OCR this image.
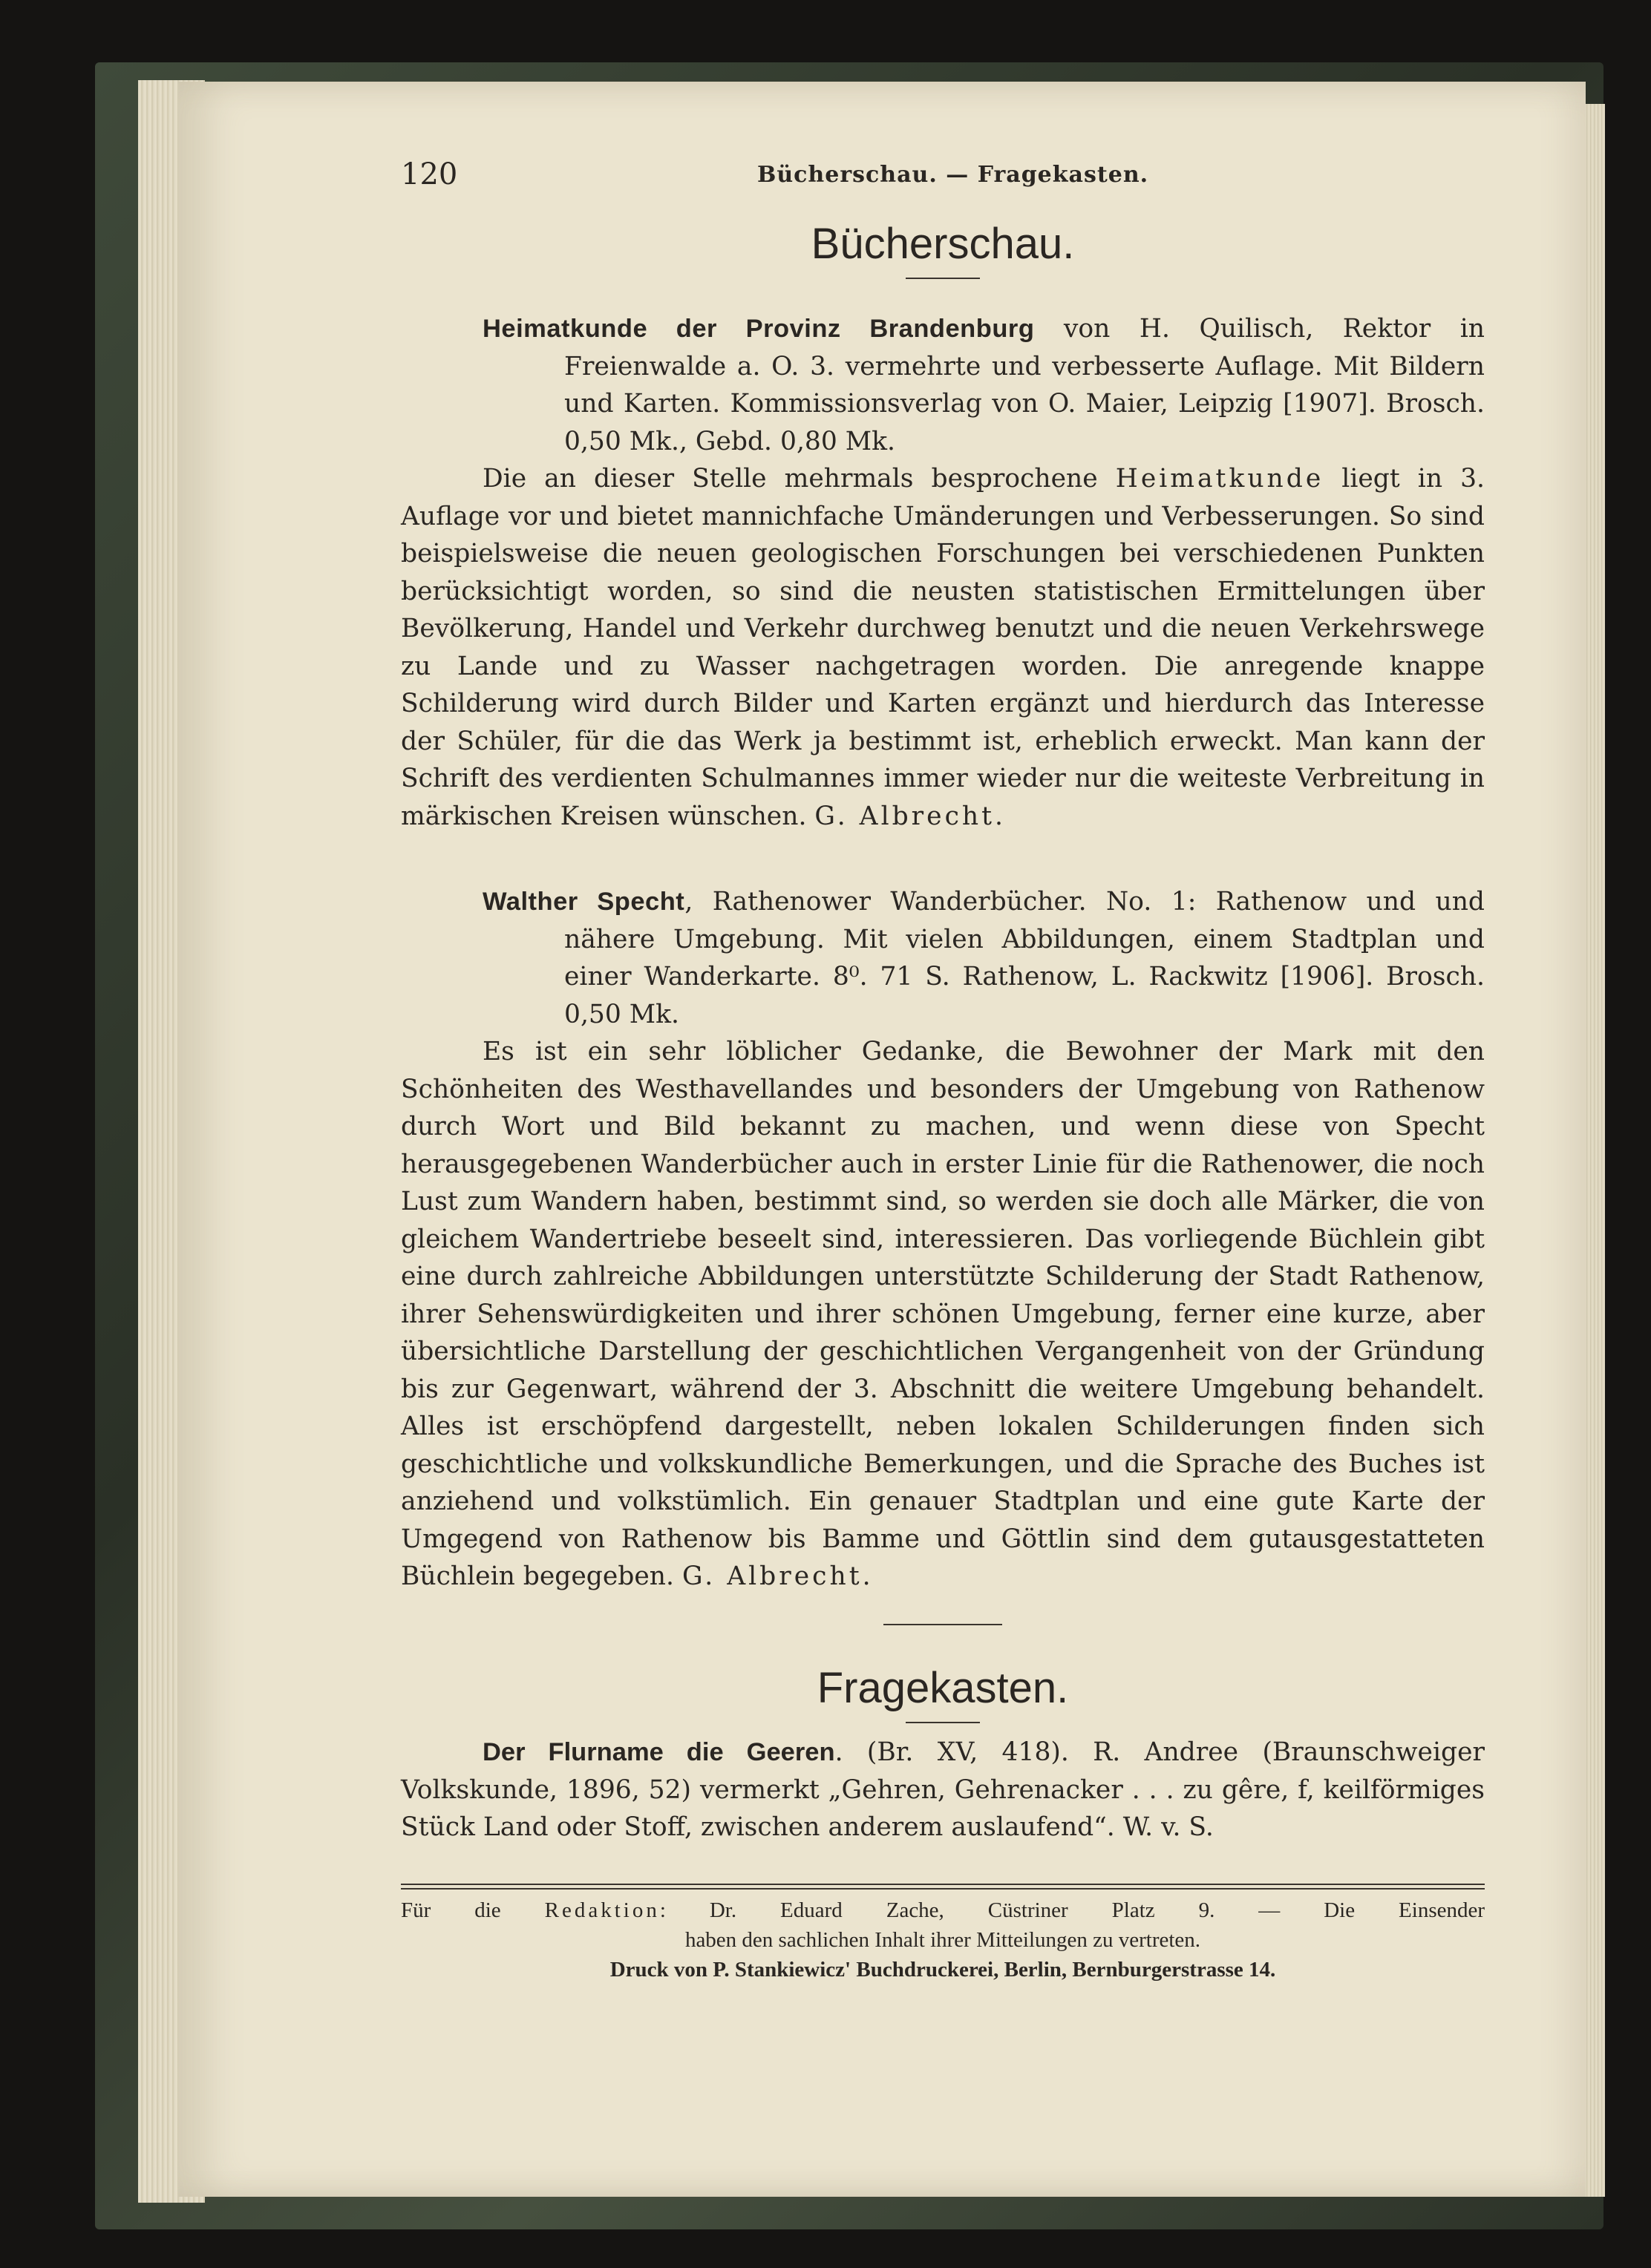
120	Bücherschau. — Fragekasten.
Bücherschau.

Heimatkunde der Provinz Brandenburg von H. Quilisch, Rektor in Freienwalde a. O. 3. vermehrte und verbesserte Auflage. Mit Bildern und Karten. Kommissionsverlag von O. Maier, Leipzig [1907]. Brosch. 0,50 Mk., Gebd. 0,80 Mk.

Die an dieser Stelle mehrmals besprochene Heimatkunde liegt in 3. Auflage vor und bietet mannichfache Umänderungen und Verbesserungen. So sind beispielsweise die neuen geologischen Forschungen bei verschiedenen Punkten berücksichtigt worden, so sind die neusten statistischen Ermittelungen über Bevölkerung, Handel und Verkehr durchweg benutzt und die neuen Verkehrswege zu Lande und zu Wasser nachgetragen worden. Die anregende knappe Schilderung wird durch Bilder und Karten ergänzt und hierdurch das Interesse der Schüler, für die das Werk ja bestimmt ist, erheblich erweckt. Man kann der Schrift des verdienten Schulmannes immer wieder nur die weiteste Verbreitung in märkischen Kreisen wünschen. G. Albrecht.

Walther Specht, Rathenower Wanderbücher. No. 1: Rathenow und und nähere Umgebung. Mit vielen Abbildungen, einem Stadtplan und einer Wanderkarte. 8⁰. 71 S. Rathenow, L. Rackwitz [1906]. Brosch. 0,50 Mk.

Es ist ein sehr löblicher Gedanke, die Bewohner der Mark mit den Schönheiten des Westhavellandes und besonders der Umgebung von Rathenow durch Wort und Bild bekannt zu machen, und wenn diese von Specht herausgegebenen Wanderbücher auch in erster Linie für die Rathenower, die noch Lust zum Wandern haben, bestimmt sind, so werden sie doch alle Märker, die von gleichem Wandertriebe beseelt sind, interessieren. Das vorliegende Büchlein gibt eine durch zahlreiche Abbildungen unterstützte Schilderung der Stadt Rathenow, ihrer Sehenswürdigkeiten und ihrer schönen Umgebung, ferner eine kurze, aber übersichtliche Darstellung der geschichtlichen Vergangenheit von der Gründung bis zur Gegenwart, während der 3. Abschnitt die weitere Umgebung behandelt. Alles ist erschöpfend dargestellt, neben lokalen Schilderungen finden sich geschichtliche und volkskundliche Bemerkungen, und die Sprache des Buches ist anziehend und volkstümlich. Ein genauer Stadtplan und eine gute Karte der Umgegend von Rathenow bis Bamme und Göttlin sind dem gutausgestatteten Büchlein begegeben. G. Albrecht.

Fragekasten.

Der Flurname die Geeren. (Br. XV, 418). R. Andree (Braunschweiger Volkskunde, 1896, 52) vermerkt „Gehren, Gehrenacker . . . zu gêre, f, keilförmiges Stück Land oder Stoff, zwischen anderem auslaufend“. W. v. S.

Für die Redaktion: Dr. Eduard Zache, Cüstriner Platz 9. — Die Einsender
haben den sachlichen Inhalt ihrer Mitteilungen zu vertreten.
Druck von P. Stankiewicz' Buchdruckerei, Berlin, Bernburgerstrasse 14.
